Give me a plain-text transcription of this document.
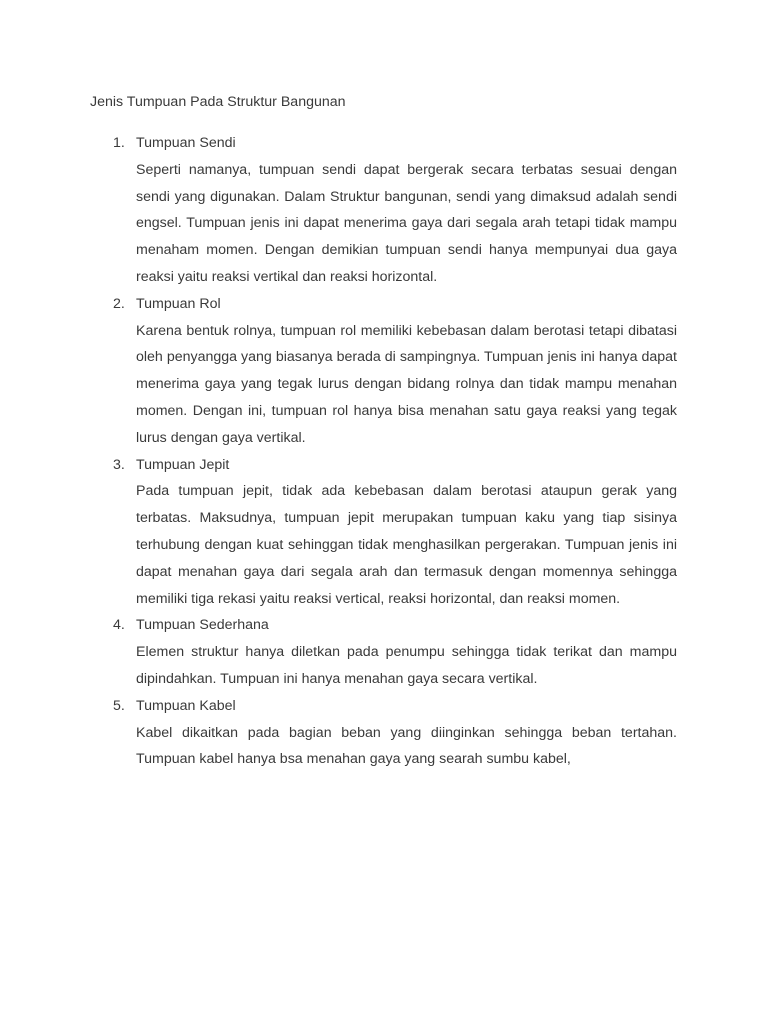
Jenis Tumpuan Pada Struktur Bangunan
1. Tumpuan Sendi

Seperti namanya, tumpuan sendi dapat bergerak secara terbatas sesuai dengan sendi yang digunakan. Dalam Struktur bangunan, sendi yang dimaksud adalah sendi engsel. Tumpuan jenis ini dapat menerima gaya dari segala arah tetapi tidak mampu menaham momen. Dengan demikian tumpuan sendi hanya mempunyai dua gaya reaksi yaitu reaksi vertikal dan reaksi horizontal.

2. Tumpuan Rol

Karena bentuk rolnya, tumpuan rol memiliki kebebasan dalam berotasi tetapi dibatasi oleh penyangga yang biasanya berada di sampingnya. Tumpuan jenis ini hanya dapat menerima gaya yang tegak lurus dengan bidang rolnya dan tidak mampu menahan momen. Dengan ini, tumpuan rol hanya bisa menahan satu gaya reaksi yang tegak lurus dengan gaya vertikal.

3. Tumpuan Jepit

Pada tumpuan jepit, tidak ada kebebasan dalam berotasi ataupun gerak yang terbatas. Maksudnya, tumpuan jepit merupakan tumpuan kaku yang tiap sisinya terhubung dengan kuat sehinggan tidak menghasilkan pergerakan. Tumpuan jenis ini dapat menahan gaya dari segala arah dan termasuk dengan momennya sehingga memiliki tiga rekasi yaitu reaksi vertical, reaksi horizontal, dan reaksi momen.

4. Tumpuan Sederhana

Elemen struktur hanya diletkan pada penumpu sehingga tidak terikat dan mampu dipindahkan. Tumpuan ini hanya menahan gaya secara vertikal.

5. Tumpuan Kabel

Kabel dikaitkan pada bagian beban yang diinginkan sehingga beban tertahan. Tumpuan kabel hanya bsa menahan gaya yang searah sumbu kabel,
